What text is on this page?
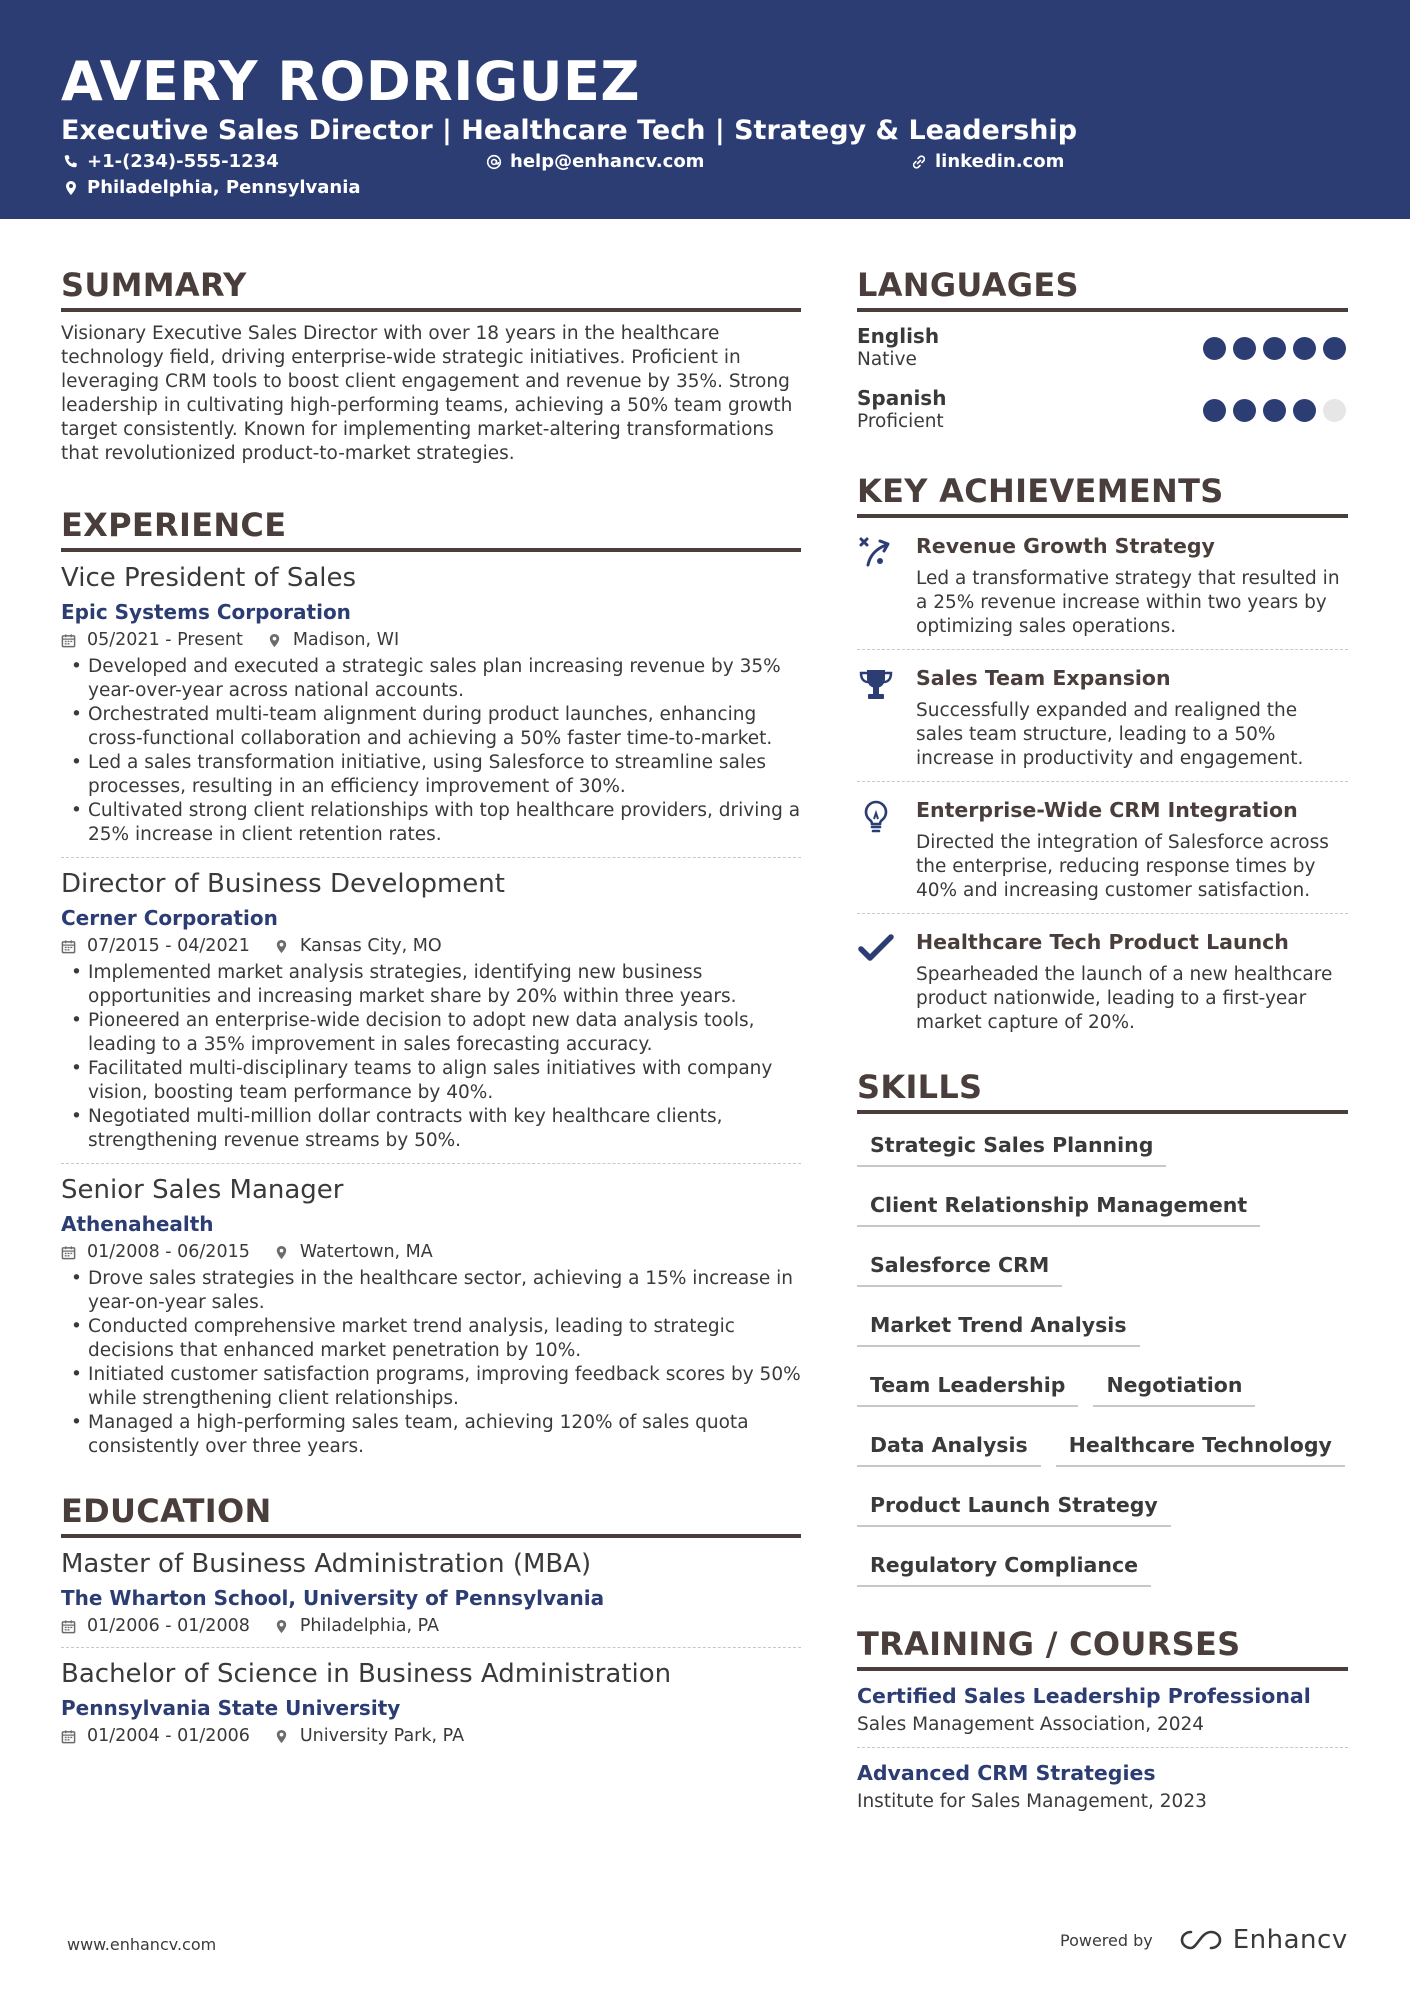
AVERY RODRIGUEZ
Executive Sales Director | Healthcare Tech | Strategy & Leadership
+1-(234)-555-1234	help@enhancv.com	linkedin.com
Philadelphia, Pennsylvania
SUMMARY

Visionary Executive Sales Director with over 18 years in the healthcare technology field, driving enterprise-wide strategic initiatives. Proficient in leveraging CRM tools to boost client engagement and revenue by 35%. Strong leadership in cultivating high-performing teams, achieving a 50% team growth target consistently. Known for implementing market-altering transformations that revolutionized product-to-market strategies.

EXPERIENCE
Vice President of Sales
Epic Systems Corporation
05/2021 - Present	Madison, WI
• Developed and executed a strategic sales plan increasing revenue by 35% year-over-year across national accounts.
• Orchestrated multi-team alignment during product launches, enhancing cross-functional collaboration and achieving a 50% faster time-to-market.
• Led a sales transformation initiative, using Salesforce to streamline sales processes, resulting in an efficiency improvement of 30%.
• Cultivated strong client relationships with top healthcare providers, driving a 25% increase in client retention rates.
Director of Business Development
Cerner Corporation
07/2015 - 04/2021	Kansas City, MO
• Implemented market analysis strategies, identifying new business opportunities and increasing market share by 20% within three years.
• Pioneered an enterprise-wide decision to adopt new data analysis tools, leading to a 35% improvement in sales forecasting accuracy.
• Facilitated multi-disciplinary teams to align sales initiatives with company vision, boosting team performance by 40%.
• Negotiated multi-million dollar contracts with key healthcare clients, strengthening revenue streams by 50%.
Senior Sales Manager
Athenahealth
01/2008 - 06/2015	Watertown, MA
• Drove sales strategies in the healthcare sector, achieving a 15% increase in year-on-year sales.
• Conducted comprehensive market trend analysis, leading to strategic decisions that enhanced market penetration by 10%.
• Initiated customer satisfaction programs, improving feedback scores by 50% while strengthening client relationships.
• Managed a high-performing sales team, achieving 120% of sales quota consistently over three years.
EDUCATION
Master of Business Administration (MBA)
The Wharton School, University of Pennsylvania
01/2006 - 01/2008	Philadelphia, PA
Bachelor of Science in Business Administration
Pennsylvania State University
01/2004 - 01/2006	University Park, PA
LANGUAGES
English
Native
Spanish
Proficient
KEY ACHIEVEMENTS
Revenue Growth Strategy
Led a transformative strategy that resulted in a 25% revenue increase within two years by optimizing sales operations.
Sales Team Expansion
Successfully expanded and realigned the sales team structure, leading to a 50% increase in productivity and engagement.
Enterprise-Wide CRM Integration
Directed the integration of Salesforce across the enterprise, reducing response times by 40% and increasing customer satisfaction.
Healthcare Tech Product Launch
Spearheaded the launch of a new healthcare product nationwide, leading to a first-year market capture of 20%.
SKILLS
Strategic Sales Planning
Client Relationship Management
Salesforce CRM
Market Trend Analysis
Team Leadership	Negotiation
Data Analysis	Healthcare Technology
Product Launch Strategy
Regulatory Compliance
TRAINING / COURSES
Certified Sales Leadership Professional
Sales Management Association, 2024
Advanced CRM Strategies
Institute for Sales Management, 2023
www.enhancv.com	Powered by	Enhancv
